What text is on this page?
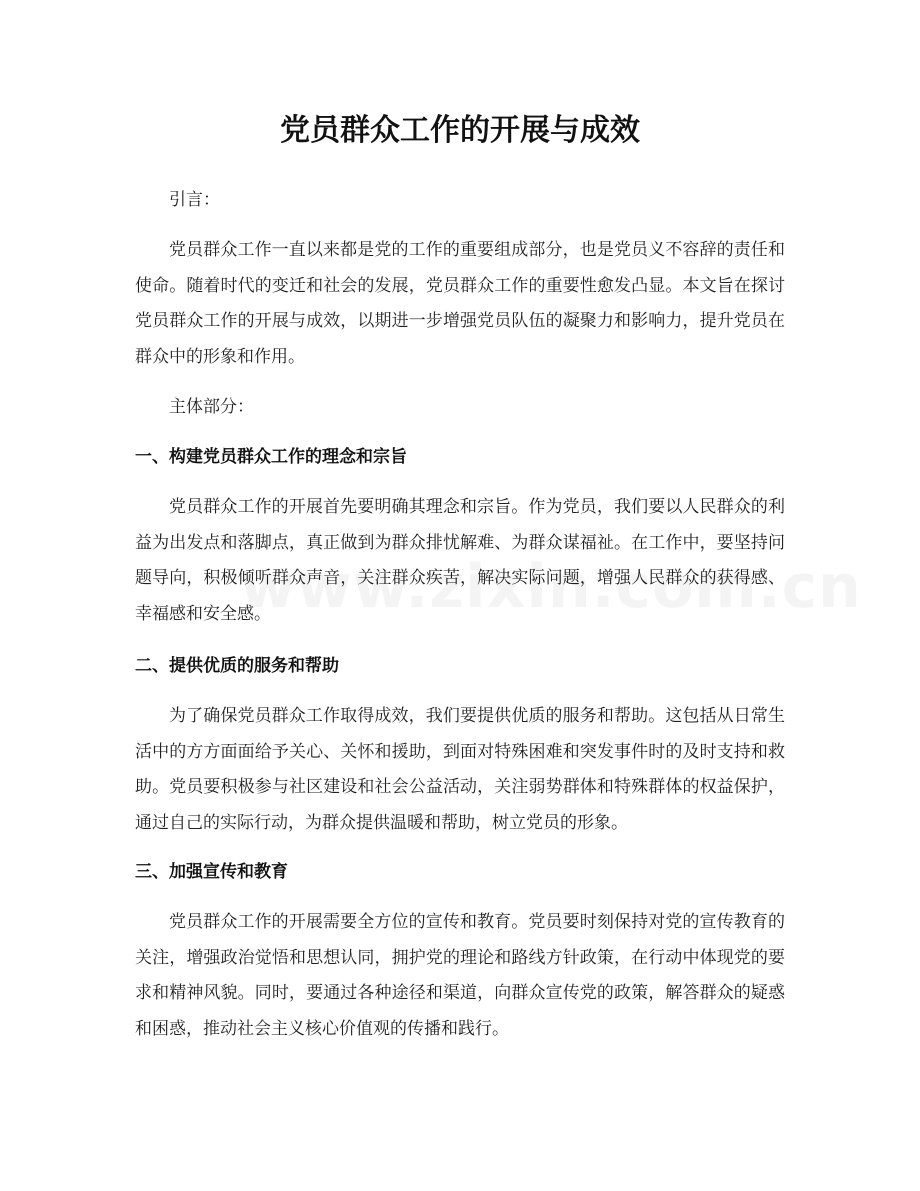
党员群众工作的开展与成效

引言：

党员群众工作一直以来都是党的工作的重要组成部分，也是党员义不容辞的责任和使命。随着时代的变迁和社会的发展，党员群众工作的重要性愈发凸显。本文旨在探讨党员群众工作的开展与成效，以期进一步增强党员队伍的凝聚力和影响力，提升党员在群众中的形象和作用。

主体部分：

一、构建党员群众工作的理念和宗旨

党员群众工作的开展首先要明确其理念和宗旨。作为党员，我们要以人民群众的利益为出发点和落脚点，真正做到为群众排忧解难、为群众谋福祉。在工作中，要坚持问题导向，积极倾听群众声音，关注群众疾苦，解决实际问题，增强人民群众的获得感、幸福感和安全感。

二、提供优质的服务和帮助

为了确保党员群众工作取得成效，我们要提供优质的服务和帮助。这包括从日常生活中的方方面面给予关心、关怀和援助，到面对特殊困难和突发事件时的及时支持和救助。党员要积极参与社区建设和社会公益活动，关注弱势群体和特殊群体的权益保护，通过自己的实际行动，为群众提供温暖和帮助，树立党员的形象。

三、加强宣传和教育

党员群众工作的开展需要全方位的宣传和教育。党员要时刻保持对党的宣传教育的关注，增强政治觉悟和思想认同，拥护党的理论和路线方针政策，在行动中体现党的要求和精神风貌。同时，要通过各种途径和渠道，向群众宣传党的政策，解答群众的疑惑和困惑，推动社会主义核心价值观的传播和践行。
